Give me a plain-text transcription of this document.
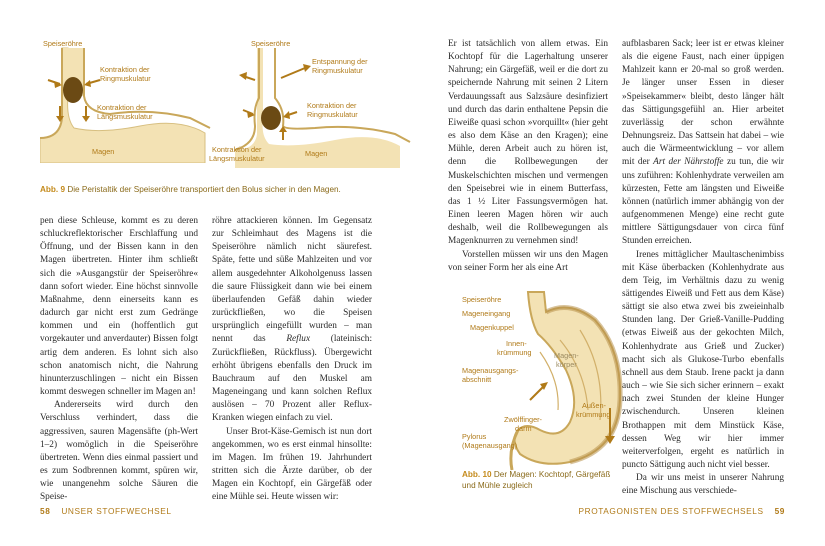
Speiseröhre
Kontraktion der
Ringmuskulatur
Kontraktion der
Längsmuskulatur
Magen
Speiseröhre
Entspannung der
Ringmuskulatur
Kontraktion der
Ringmuskulatur
Kontraktion der
Längsmuskulatur
Magen
Abb. 9 Die Peristaltik der Speiseröhre transportiert den Bolus sicher in den Magen.

pen diese Schleuse, kommt es zu deren schluckreflektorischer Erschlaffung und Öffnung, und der Bissen kann in den Magen übertreten. Hinter ihm schließt sich die »Ausgangstür der Speiseröhre« dann sofort wieder. Eine höchst sinnvolle Maßnahme, denn einerseits kann es dadurch gar nicht erst zum Gedränge kommen und ein (hoffentlich gut vorgekauter und anverdauter) Bissen folgt artig dem anderen. Es lohnt sich also schon anatomisch nicht, die Nahrung hinunterzuschlingen – nicht ein Bissen kommt deswegen schneller im Magen an!

Andererseits wird durch den Verschluss verhindert, dass die aggressiven, sauren Magensäfte (ph-Wert 1–2) womöglich in die Speiseröhre übertreten. Wenn dies einmal passiert und es zum Sodbrennen kommt, spüren wir, wie unangenehm solche Säuren die Speise-

röhre attackieren können. Im Gegensatz zur Schleimhaut des Magens ist die Speiseröhre nämlich nicht säurefest. Späte, fette und süße Mahlzeiten und vor allem ausgedehnter Alkoholgenuss lassen die saure Flüssigkeit dann wie bei einem überlaufenden Gefäß dahin wieder zurückfließen, wo die Speisen ursprünglich eingefüllt wurden – man nennt das Reflux (lateinisch: Zurückfließen, Rückfluss). Übergewicht erhöht übrigens ebenfalls den Druck im Bauchraum auf den Muskel am Mageneingang und kann solchen Reflux auslösen – 70 Prozent aller Reflux-Kranken wiegen einfach zu viel.

Unser Brot-Käse-Gemisch ist nun dort angekommen, wo es erst einmal hinsollte: im Magen. Im frühen 19. Jahrhundert stritten sich die Ärzte darüber, ob der Magen ein Kochtopf, ein Gärgefäß oder eine Mühle sei. Heute wissen wir:

58 UNSER STOFFWECHSEL

Er ist tatsächlich von allem etwas. Ein Kochtopf für die Lagerhaltung unserer Nahrung; ein Gärgefäß, weil er die dort zu speichernde Nahrung mit seinen 2 Litern Verdauungssaft aus Salzsäure desinfiziert und durch das darin enthaltene Pepsin die Eiweiße quasi schon »vorquillt« (hier geht es also dem Käse an den Kragen); eine Mühle, deren Arbeit auch zu hören ist, denn die Rollbewegungen der Muskelschichten mischen und vermengen den Speisebrei wie in einem Butterfass, das 1 ½ Liter Fassungsvermögen hat. Einen leeren Magen hören wir auch deshalb, weil die Rollbewegungen als Magenknurren zu vernehmen sind!

Vorstellen müssen wir uns den Magen von seiner Form her als eine Art

aufblasbaren Sack; leer ist er etwas kleiner als die eigene Faust, nach einer üppigen Mahlzeit kann er 20-mal so groß werden. Je länger unser Essen in dieser »Speisekammer« bleibt, desto länger hält das Sättigungsgefühl an. Hier arbeitet zuverlässig der schon erwähnte Dehnungsreiz. Das Sattsein hat dabei – wie auch die Wärmeentwicklung – vor allem mit der Art der Nährstoffe zu tun, die wir uns zuführen: Kohlenhydrate verweilen am kürzesten, Fette am längsten und Eiweiße können (natürlich immer abhängig von der aufgenommenen Menge) eine recht gute mittlere Sättigungsdauer von circa fünf Stunden erreichen.

Irenes mittäglicher Maultaschenimbiss mit Käse überbacken (Kohlenhydrate aus dem Teig, im Verhältnis dazu zu wenig sättigendes Eiweiß und Fett aus dem Käse) sättigt sie also etwa zwei bis zweieinhalb Stunden lang. Der Grieß-Vanille-Pudding (etwas Eiweiß aus der gekochten Milch, Kohlenhydrate aus Grieß und Zucker) macht sich als Glukose-Turbo ebenfalls schnell aus dem Staub. Irene packt ja dann auch – wie Sie sich sicher erinnern – exakt nach zwei Stunden der kleine Hunger zwischendurch. Unseren kleinen Brothappen mit dem Minstück Käse, dessen Weg wir hier immer weiterverfolgen, ergeht es natürlich in puncto Sättigung auch nicht viel besser.

Da wir uns meist in unserer Nahrung eine Mischung aus verschiede-

Speiseröhre
Mageneingang
Magenkuppel
Innen-
krümmung	Magen-
körper
Magenausgangs-
abschnitt
Außen-
krümmung
Zwölffinger-
darm
Pylorus
(Magenausgang)
Abb. 10 Der Magen: Kochtopf, Gärgefäß
und Mühle zugleich
PROTAGONISTEN DES STOFFWECHSELS 59
